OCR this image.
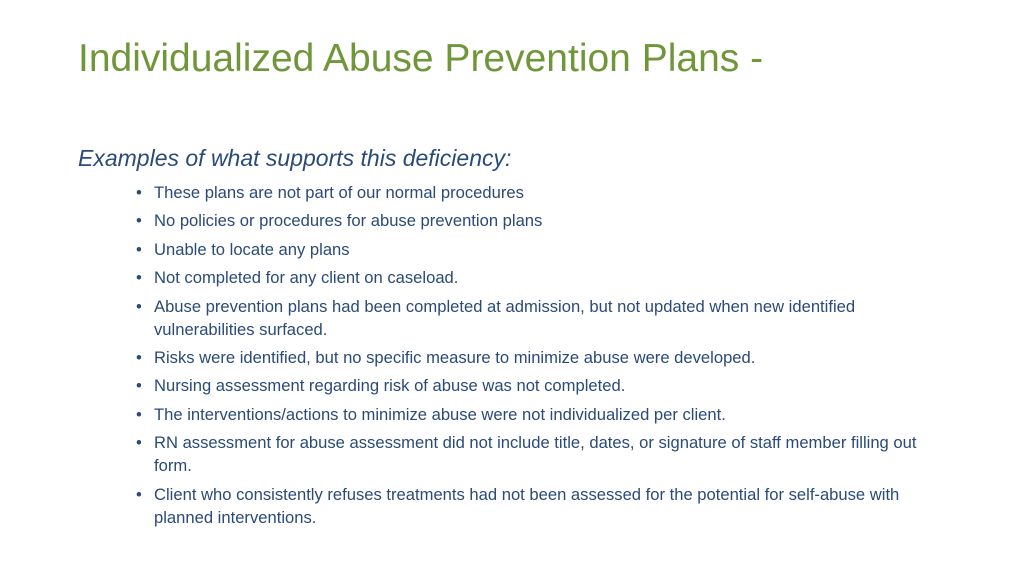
Individualized Abuse Prevention Plans -

Examples of what supports this deficiency:

• These plans are not part of our normal procedures
• No policies or procedures for abuse prevention plans
• Unable to locate any plans
• Not completed for any client on caseload.
• Abuse prevention plans had been completed at admission, but not updated when new identified vulnerabilities surfaced.
• Risks were identified, but no specific measure to minimize abuse were developed.
• Nursing assessment regarding risk of abuse was not completed.
• The interventions/actions to minimize abuse were not individualized per client.
• RN assessment for abuse assessment did not include title, dates, or signature of staff member filling out form.
• Client who consistently refuses treatments had not been assessed for the potential for self-abuse with planned interventions.
